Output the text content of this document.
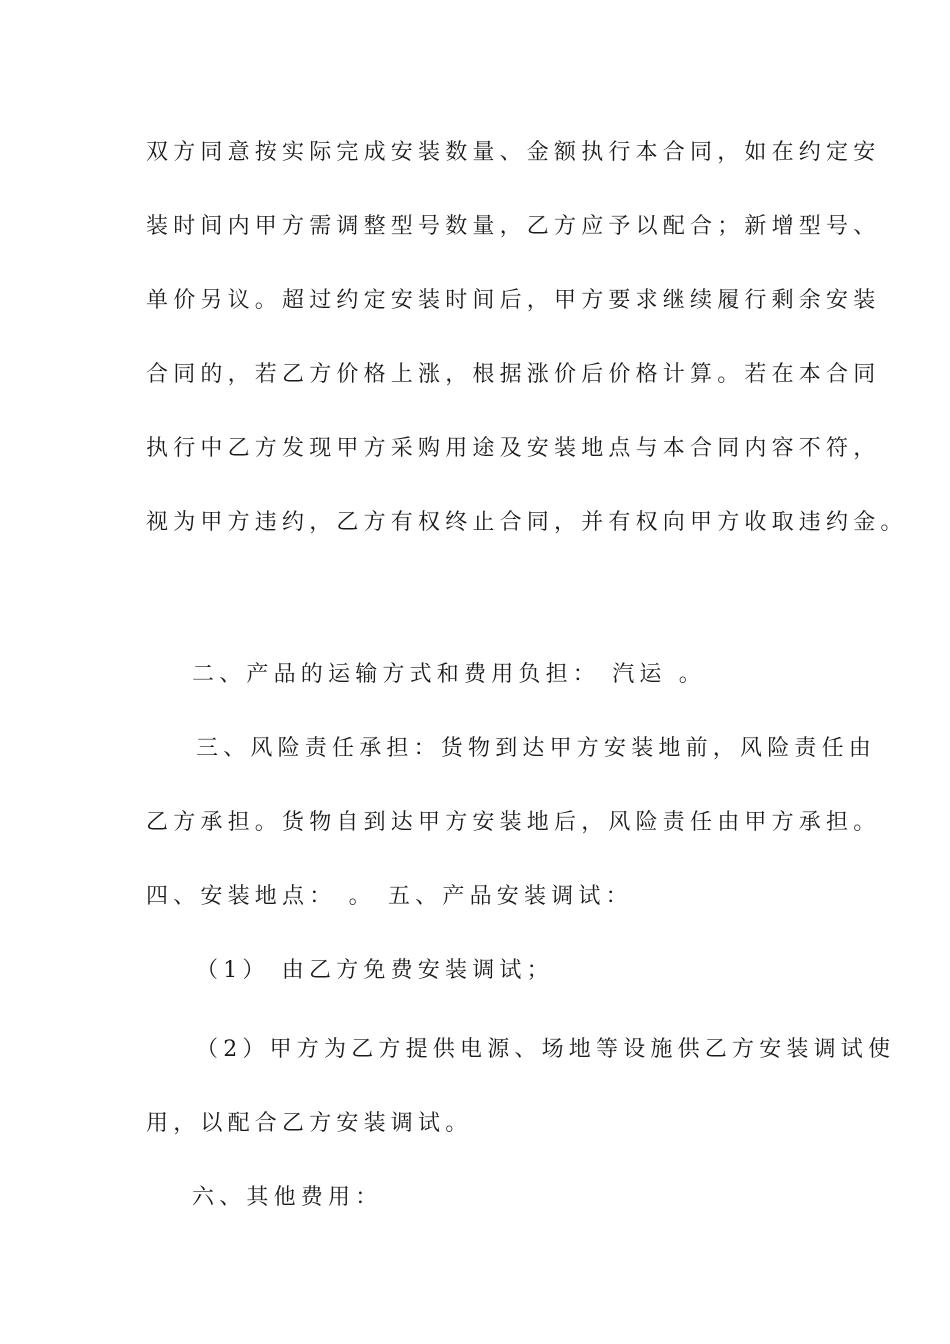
双方同意按实际完成安装数量、金额执行本合同，如在约定安
装时间内甲方需调整型号数量，乙方应予以配合；新增型号、
单价另议。超过约定安装时间后，甲方要求继续履行剩余安装
合同的，若乙方价格上涨，根据涨价后价格计算。若在本合同
执行中乙方发现甲方采购用途及安装地点与本合同内容不符，
视为甲方违约，乙方有权终止合同，并有权向甲方收取违约金。
二、产品的运输方式和费用负担： 汽运 。
三、风险责任承担：货物到达甲方安装地前，风险责任由
乙方承担。货物自到达甲方安装地后，风险责任由甲方承担。
四、安装地点： 。 五、产品安装调试：
（1） 由乙方免费安装调试；
（2）甲方为乙方提供电源、场地等设施供乙方安装调试使
用，以配合乙方安装调试。
六、其他费用：
